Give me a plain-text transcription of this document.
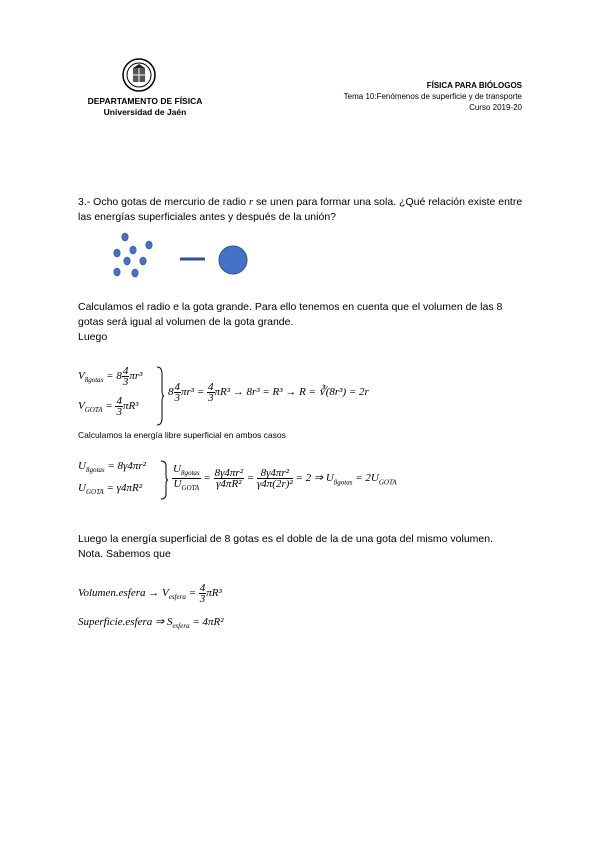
DEPARTAMENTO DE FÍSICA
Universidad de Jaén
FÍSICA PARA BIÓLOGOS
Tema 10:Fenómenos de superficie y de transporte
Curso 2019-20
3.- Ocho gotas de mercurio de radio r se unen para formar una sola. ¿Qué relación existe entre las energías superficiales antes y después de la unión?
Calculamos el radio e la gota grande. Para ello tenemos en cuenta que el volumen de las 8 gotas será igual al volumen de la gota grande.
Luego
$V_{8gotas} = 8 \frac{4}{3} \pi r^3$
$V_{GOTA} = \frac{4}{3} \pi R^3$
$8 \frac{4}{3} \pi r^3 = \frac{4}{3} \pi R^3 \to 8r^3 = R^3 \to R$ = ∛(8r³) = 2r
Calculamos la energía libre superficial en ambos casos
$U_{8gotas} = 8\gamma 4\pi r^2$
$U_{GOTA} = \gamma 4\pi R^2$	$\frac{U_{8gotas}}{U_{GOTA}} = \frac{\text{8γ4πr²}}{\text{γ4πR²}} = \frac{\text{8γ4πr²}}{\text{γ4π(2r)²}} = 2$ ⇒ $U_{8gotas} = 2U_{GOTA}$
Luego la energía superficial de 8 gotas es el doble de la de una gota del mismo volumen.
Nota. Sabemos que
Volumen.esfera → $V_{esfera} = \frac{4}{3} \pi R^3$
Superficie.esfera ⇒ $S_{esfera} = 4\pi R^2$
